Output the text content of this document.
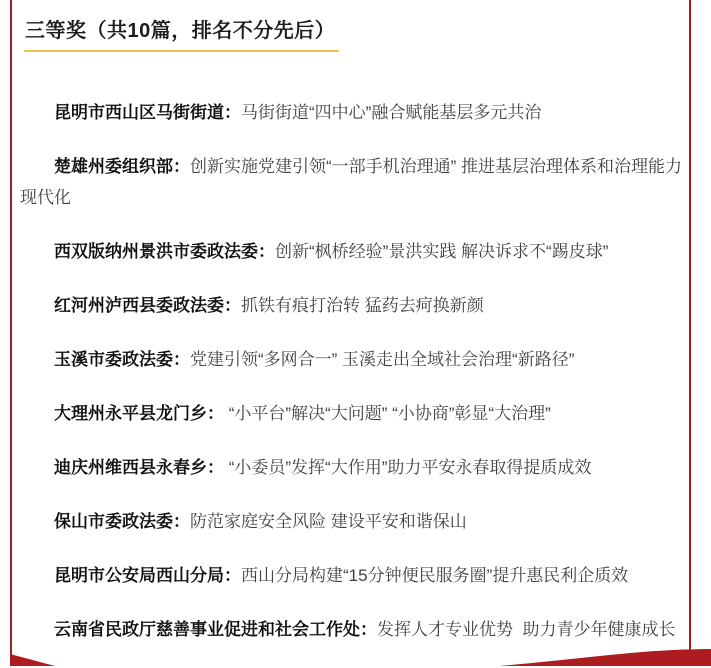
三等奖（共10篇，排名不分先后）

昆明市西山区马街街道：马街街道“四中心”融合赋能基层多元共治

楚雄州委组织部：创新实施党建引领“一部手机治理通” 推进基层治理体系和治理能力现代化

西双版纳州景洪市委政法委：创新“枫桥经验”景洪实践 解决诉求不“踢皮球”

红河州泸西县委政法委：抓铁有痕打治转 猛药去疴换新颜

玉溪市委政法委：党建引领“多网合一” 玉溪走出全域社会治理“新路径”

大理州永平县龙门乡： “小平台”解决“大问题” “小协商”彰显“大治理”

迪庆州维西县永春乡： “小委员”发挥“大作用”助力平安永春取得提质成效

保山市委政法委：防范家庭安全风险 建设平安和谐保山

昆明市公安局西山分局：西山分局构建“15分钟便民服务圈”提升惠民利企质效

云南省民政厅慈善事业促进和社会工作处：发挥人才专业优势  助力青少年健康成长
